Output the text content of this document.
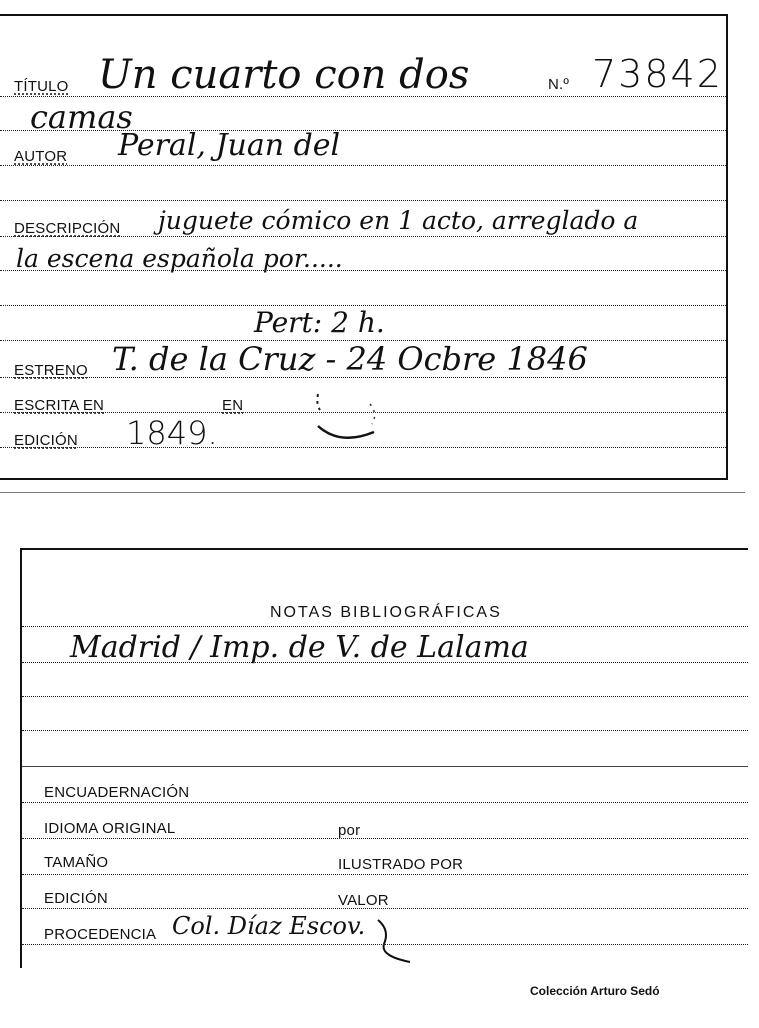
TÍTULO Un cuarto con dos	N.º 73842
camas
AUTOR Peral, Juan del
DESCRIPCIÓN juguete cómico en 1 acto, arreglado a
la escena española por.....
Pert: 2 h.
ESTRENO T. de la Cruz - 24 Ocbre 1846
ESCRITA EN	EN
EDICIÓN 1849.
NOTAS BIBLIOGRÁFICAS
Madrid / Imp. de V. de Lalama
ENCUADERNACIÓN
IDIOMA ORIGINAL	por
TAMAÑO	ILUSTRADO POR
EDICIÓN	VALOR
PROCEDENCIA Col. Díaz Escov.
Colección Arturo Sedó
